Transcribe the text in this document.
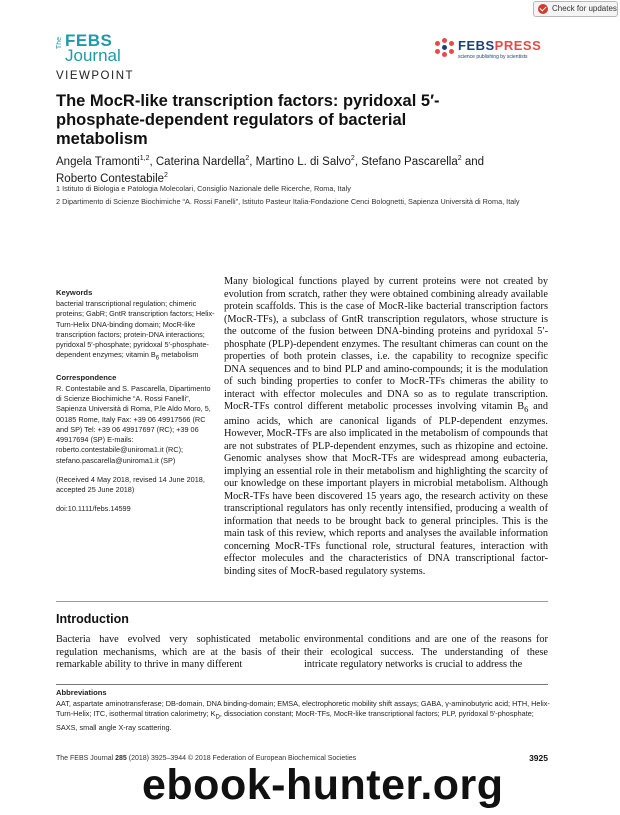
Check for updates
The FEBS
Journal
FEBSPRESS
science publishing by scientists
VIEWPOINT
The MocR-like transcription factors: pyridoxal 5′-phosphate-dependent regulators of bacterial metabolism
Angela Tramonti$^{1,2}$, Caterina Nardella$^2$, Martino L. di Salvo$^2$, Stefano Pascarella$^2$ and Roberto Contestabile$^2$
1 Istituto di Biologia e Patologia Molecolari, Consiglio Nazionale delle Ricerche, Roma, Italy
2 Dipartimento di Scienze Biochimiche “A. Rossi Fanelli”, Istituto Pasteur Italia-Fondazione Cenci Bolognetti, Sapienza Università di Roma, Italy
Keywords

bacterial transcriptional regulation; chimeric proteins; GabR; GntR transcription factors; Helix-Turn-Helix DNA-binding domain; MocR-like transcription factors; protein-DNA interactions; pyridoxal 5′-phosphate; pyridoxal 5′-phosphate-dependent enzymes; vitamin $B_6$ metabolism

Correspondence

R. Contestabile and S. Pascarella, Dipartimento di Scienze Biochimiche “A. Rossi Fanelli”, Sapienza Università di Roma, P.le Aldo Moro, 5, 00185 Rome, Italy Fax: +39 06 49917566 (RC and SP) Tel: +39 06 49917697 (RC); +39 06 49917694 (SP) E-mails: roberto.contestabile@uniroma1.it (RC); stefano.pascarella@uniroma1.it (SP)

(Received 4 May 2018, revised 14 June 2018, accepted 25 June 2018)

doi:10.1111/febs.14599

Many biological functions played by current proteins were not created by evolution from scratch, rather they were obtained combining already available protein scaffolds. This is the case of MocR-like bacterial transcription factors (MocR-TFs), a subclass of GntR transcription regulators, whose structure is the outcome of the fusion between DNA-binding proteins and pyridoxal 5′-phosphate (PLP)-dependent enzymes. The resultant chimeras can count on the properties of both protein classes, i.e. the capability to recognize specific DNA sequences and to bind PLP and amino-compounds; it is the modulation of such binding properties to confer to MocR-TFs chimeras the ability to interact with effector molecules and DNA so as to regulate transcription. MocR-TFs control different metabolic processes involving vitamin $B_6$ and amino acids, which are canonical ligands of PLP-dependent enzymes. However, MocR-TFs are also implicated in the metabolism of compounds that are not substrates of PLP-dependent enzymes, such as rhizopine and ectoine. Genomic analyses show that MocR-TFs are widespread among eubacteria, implying an essential role in their metabolism and highlighting the scarcity of our knowledge on these important players in microbial metabolism. Although MocR-TFs have been discovered 15 years ago, the research activity on these transcriptional regulators has only recently intensified, producing a wealth of information that needs to be brought back to general principles. This is the main task of this review, which reports and analyses the available information concerning MocR-TFs functional role, structural features, interaction with effector molecules and the characteristics of DNA transcriptional factor-binding sites of MocR-based regulatory systems.
Introduction
Bacteria have evolved very sophisticated metabolic regulation mechanisms, which are at the basis of their remarkable ability to thrive in many different
environmental conditions and are one of the reasons for their ecological success. The understanding of these intricate regulatory networks is crucial to address the
Abbreviations
AAT, aspartate aminotransferase; DB-domain, DNA binding-domain; EMSA, electrophoretic mobility shift assays; GABA, γ-aminobutyric acid; HTH, Helix-Turn-Helix; ITC, isothermal titration calorimetry; $K_D$, dissociation constant; MocR-TFs, MocR-like transcriptional factors; PLP, pyridoxal 5′-phosphate; SAXS, small angle X-ray scattering.
The FEBS Journal 285 (2018) 3925–3944 © 2018 Federation of European Biochemical Societies	3925
ebook-hunter.org
